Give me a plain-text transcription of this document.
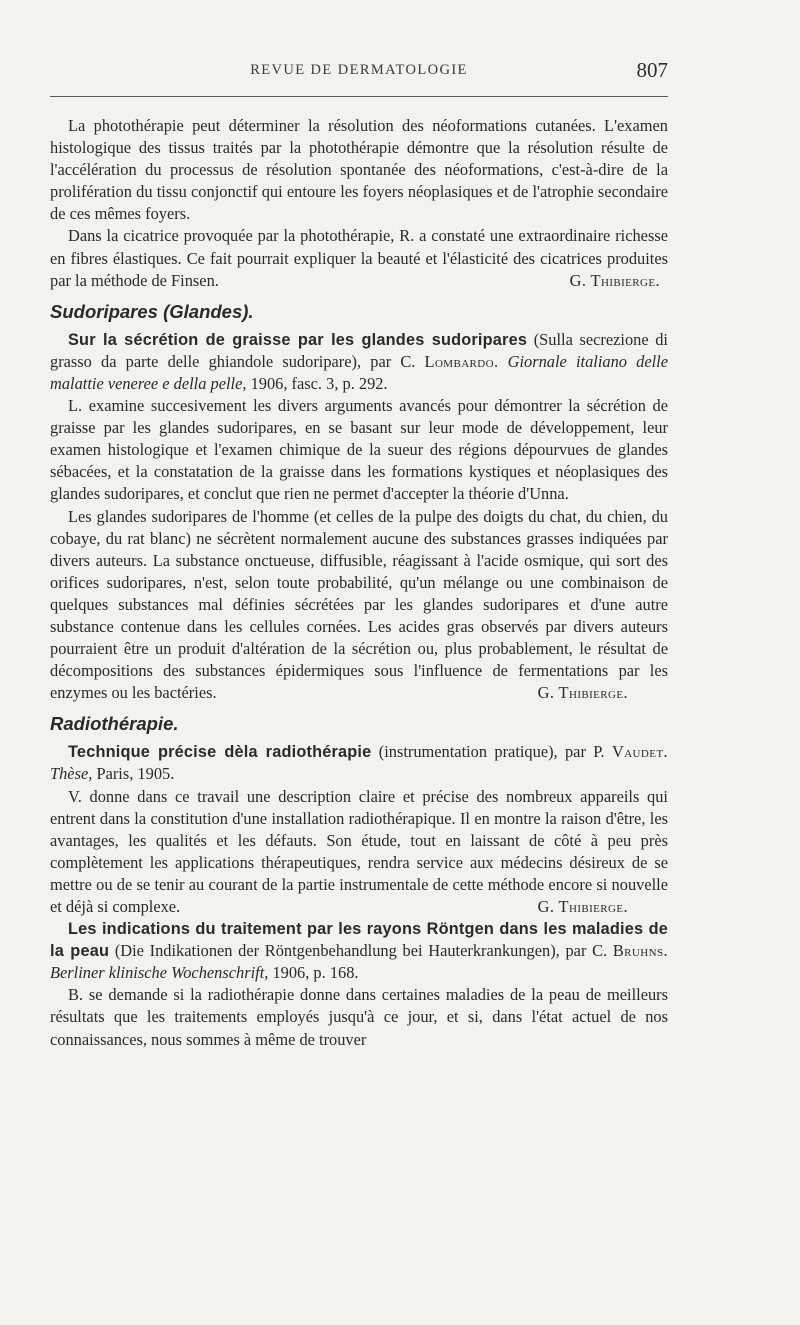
REVUE DE DERMATOLOGIE	807

La photothérapie peut déterminer la résolution des néoformations cutanées. L'examen histologique des tissus traités par la photothérapie démontre que la résolution résulte de l'accélération du processus de résolution spontanée des néoformations, c'est-à-dire de la prolifération du tissu conjonctif qui entoure les foyers néoplasiques et de l'atrophie secondaire de ces mêmes foyers.

Dans la cicatrice provoquée par la photothérapie, R. a constaté une extraordinaire richesse en fibres élastiques. Ce fait pourrait expliquer la beauté et l'élasticité des cicatrices produites par la méthode de Finsen.	G. Thibierge.

Sudoripares (Glandes).

Sur la sécrétion de graisse par les glandes sudoripares (Sulla secrezione di grasso da parte delle ghiandole sudoripare), par C. Lombardo. Giornale italiano delle malattie veneree e della pelle, 1906, fasc. 3, p. 292.

L. examine succesivement les divers arguments avancés pour démontrer la sécrétion de graisse par les glandes sudoripares, en se basant sur leur mode de développement, leur examen histologique et l'examen chimique de la sueur des régions dépourvues de glandes sébacées, et la constatation de la graisse dans les formations kystiques et néoplasiques des glandes sudoripares, et conclut que rien ne permet d'accepter la théorie d'Unna.

Les glandes sudoripares de l'homme (et celles de la pulpe des doigts du chat, du chien, du cobaye, du rat blanc) ne sécrètent normalement aucune des substances grasses indiquées par divers auteurs. La substance onctueuse, diffusible, réagissant à l'acide osmique, qui sort des orifices sudoripares, n'est, selon toute probabilité, qu'un mélange ou une combinaison de quelques substances mal définies sécrétées par les glandes sudoripares et d'une autre substance contenue dans les cellules cornées. Les acides gras observés par divers auteurs pourraient être un produit d'altération de la sécrétion ou, plus probablement, le résultat de décompositions des substances épidermiques sous l'influence de fermentations par les enzymes ou les bactéries.	G. Thibierge.

Radiothérapie.

Technique précise dèla radiothérapie (instrumentation pratique), par P. Vaudet. Thèse, Paris, 1905.

V. donne dans ce travail une description claire et précise des nombreux appareils qui entrent dans la constitution d'une installation radiothérapique. Il en montre la raison d'être, les avantages, les qualités et les défauts. Son étude, tout en laissant de côté à peu près complètement les applications thérapeutiques, rendra service aux médecins désireux de se mettre ou de se tenir au courant de la partie instrumentale de cette méthode encore si nouvelle et déjà si complexe.	G. Thibierge.

Les indications du traitement par les rayons Röntgen dans les maladies de la peau (Die Indikationen der Röntgenbehandlung bei Hauterkrankungen), par C. Bruhns. Berliner klinische Wochenschrift, 1906, p. 168.

B. se demande si la radiothérapie donne dans certaines maladies de la peau de meilleurs résultats que les traitements employés jusqu'à ce jour, et si, dans l'état actuel de nos connaissances, nous sommes à même de trouver
